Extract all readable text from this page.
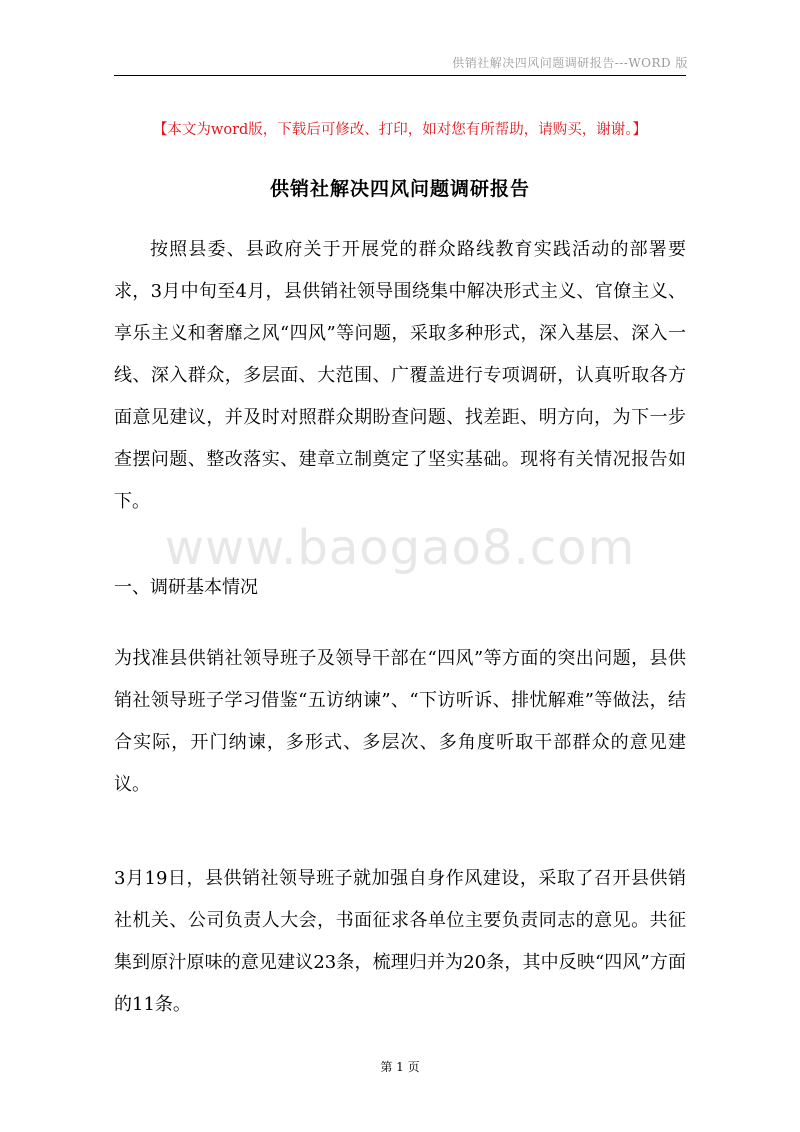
供销社解决四风问题调研报告---WORD 版
【本文为word版，下载后可修改、打印，如对您有所帮助，请购买，谢谢。】
供销社解决四风问题调研报告
按照县委、县政府关于开展党的群众路线教育实践活动的部署要求，3月中旬至4月，县供销社领导围绕集中解决形式主义、官僚主义、享乐主义和奢靡之风“四风”等问题，采取多种形式，深入基层、深入一线、深入群众，多层面、大范围、广覆盖进行专项调研，认真听取各方面意见建议，并及时对照群众期盼查问题、找差距、明方向，为下一步查摆问题、整改落实、建章立制奠定了坚实基础。现将有关情况报告如下。
www.baogao8.com
一、调研基本情况
为找准县供销社领导班子及领导干部在“四风”等方面的突出问题，县供销社领导班子学习借鉴“五访纳谏”、“下访听诉、排忧解难”等做法，结合实际，开门纳谏，多形式、多层次、多角度听取干部群众的意见建议。
3月19日，县供销社领导班子就加强自身作风建设，采取了召开县供销社机关、公司负责人大会，书面征求各单位主要负责同志的意见。共征集到原汁原味的意见建议23条，梳理归并为20条，其中反映“四风”方面的11条。
第 1 页
